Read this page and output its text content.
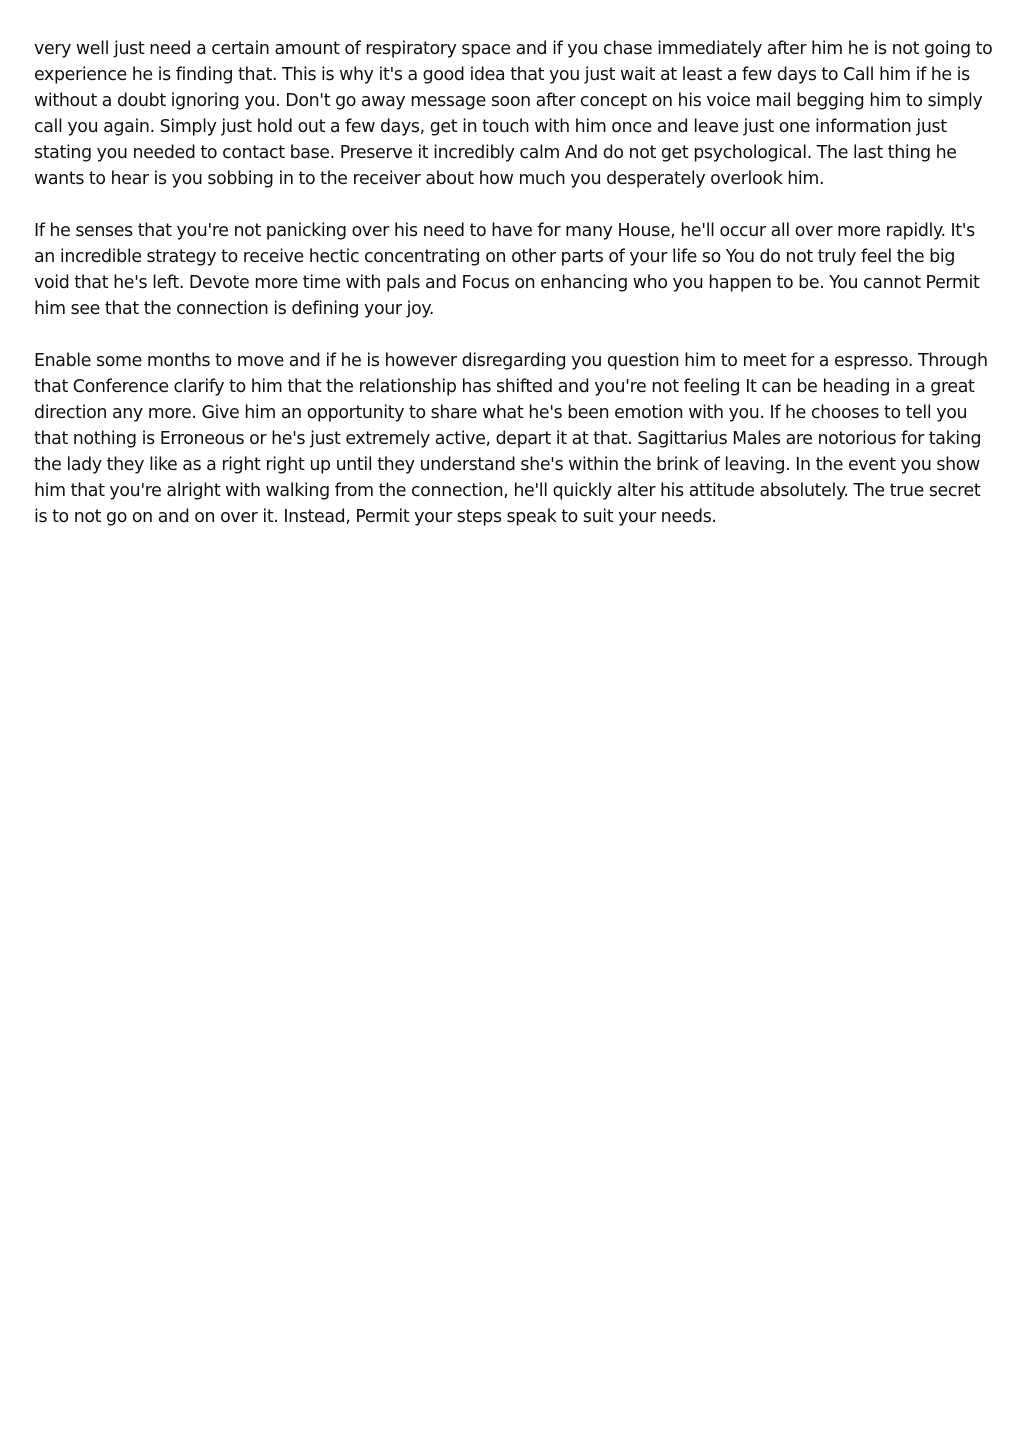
very well just need a certain amount of respiratory space and if you chase immediately after him he is not going to experience he is finding that. This is why it's a good idea that you just wait at least a few days to Call him if he is without a doubt ignoring you. Don't go away message soon after concept on his voice mail begging him to simply call you again. Simply just hold out a few days, get in touch with him once and leave just one information just stating you needed to contact base. Preserve it incredibly calm And do not get psychological. The last thing he wants to hear is you sobbing in to the receiver about how much you desperately overlook him.

If he senses that you're not panicking over his need to have for many House, he'll occur all over more rapidly. It's an incredible strategy to receive hectic concentrating on other parts of your life so You do not truly feel the big void that he's left. Devote more time with pals and Focus on enhancing who you happen to be. You cannot Permit him see that the connection is defining your joy.

Enable some months to move and if he is however disregarding you question him to meet for a espresso. Through that Conference clarify to him that the relationship has shifted and you're not feeling It can be heading in a great direction any more. Give him an opportunity to share what he's been emotion with you. If he chooses to tell you that nothing is Erroneous or he's just extremely active, depart it at that. Sagittarius Males are notorious for taking the lady they like as a right right up until they understand she's within the brink of leaving. In the event you show him that you're alright with walking from the connection, he'll quickly alter his attitude absolutely. The true secret is to not go on and on over it. Instead, Permit your steps speak to suit your needs.
